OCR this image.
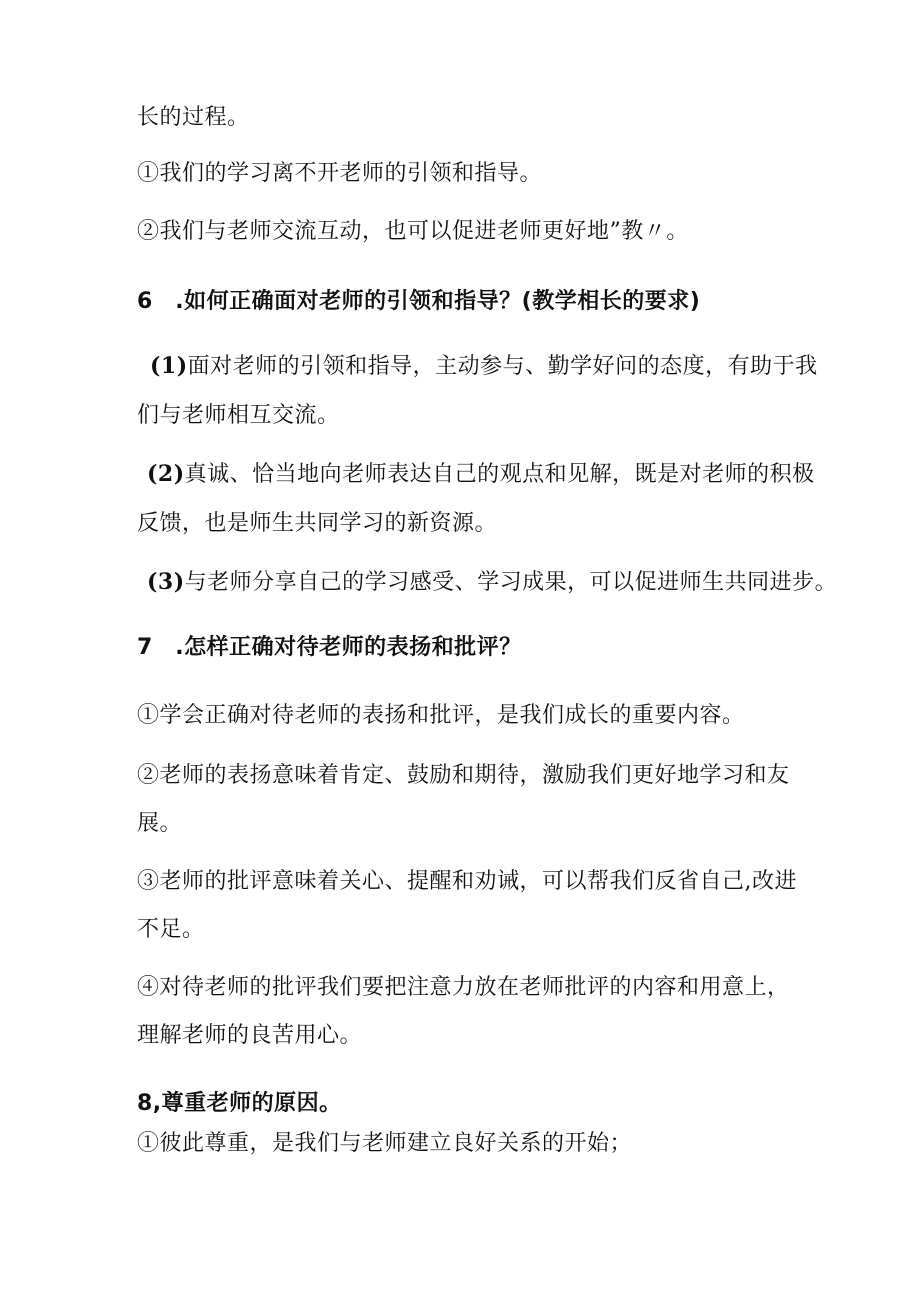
长的过程。
①我们的学习离不开老师的引领和指导。
②我们与老师交流互动，也可以促进老师更好地”教〃。
6　.如何正确面对老师的引领和指导？(教学相长的要求)
(1)面对老师的引领和指导，主动参与、勤学好问的态度，有助于我
们与老师相互交流。
(2)真诚、恰当地向老师表达自己的观点和见解，既是对老师的积极
反馈，也是师生共同学习的新资源。
(3)与老师分享自己的学习感受、学习成果，可以促进师生共同进步。
7　.怎样正确对待老师的表扬和批评？
①学会正确对待老师的表扬和批评，是我们成长的重要内容。
②老师的表扬意味着肯定、鼓励和期待，激励我们更好地学习和友
展。
③老师的批评意味着关心、提醒和劝诫，可以帮我们反省自己,改进
不足。
④对待老师的批评我们要把注意力放在老师批评的内容和用意上，
理解老师的良苦用心。
8,尊重老师的原因。
①彼此尊重，是我们与老师建立良好关系的开始；
